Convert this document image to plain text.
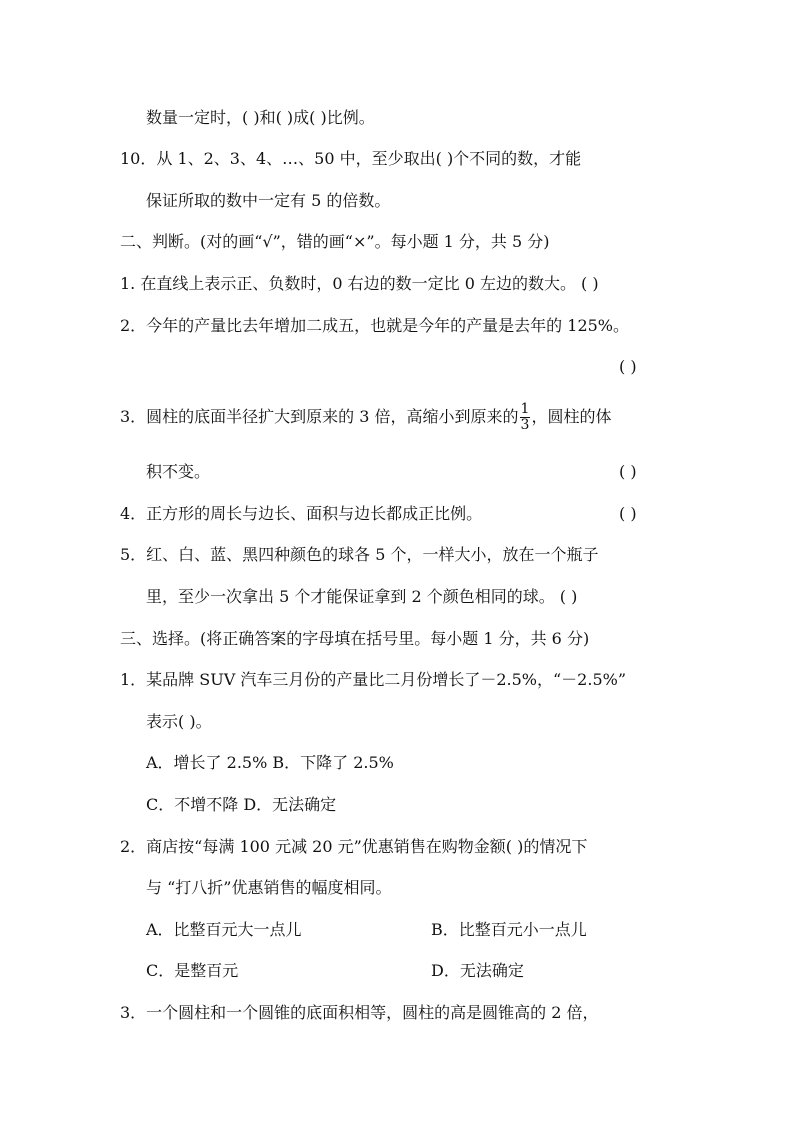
数量一定时，( )和( )成( )比例。
10．从 1、2、3、4、…、50 中，至少取出( )个不同的数，才能
保证所取的数中一定有 5 的倍数。
二、判断。(对的画“√”，错的画“×”。每小题 1 分，共 5 分)
1. 在直线上表示正、负数时，0 右边的数一定比 0 左边的数大。 ( )
2．今年的产量比去年增加二成五，也就是今年的产量是去年的 125%。
( )
3．圆柱的底面半径扩大到原来的 3 倍，高缩小到原来的 $\frac{1}{3}$ ，圆柱的体
积不变。	( )
4．正方形的周长与边长、面积与边长都成正比例。	( )
5．红、白、蓝、黑四种颜色的球各 5 个，一样大小，放在一个瓶子
里，至少一次拿出 5 个才能保证拿到 2 个颜色相同的球。 ( )
三、选择。(将正确答案的字母填在括号里。每小题 1 分，共 6 分)
1．某品牌 SUV 汽车三月份的产量比二月份增长了－2.5%，“－2.5%”
表示( )。
A．增长了 2.5% B．下降了 2.5%
C．不增不降 D．无法确定
2．商店按“每满 100 元减 20 元”优惠销售在购物金额( )的情况下
与 “打八折”优惠销售的幅度相同。
A．比整百元大一点儿	B．比整百元小一点儿
C．是整百元	D．无法确定
3．一个圆柱和一个圆锥的底面积相等，圆柱的高是圆锥高的 2 倍，
